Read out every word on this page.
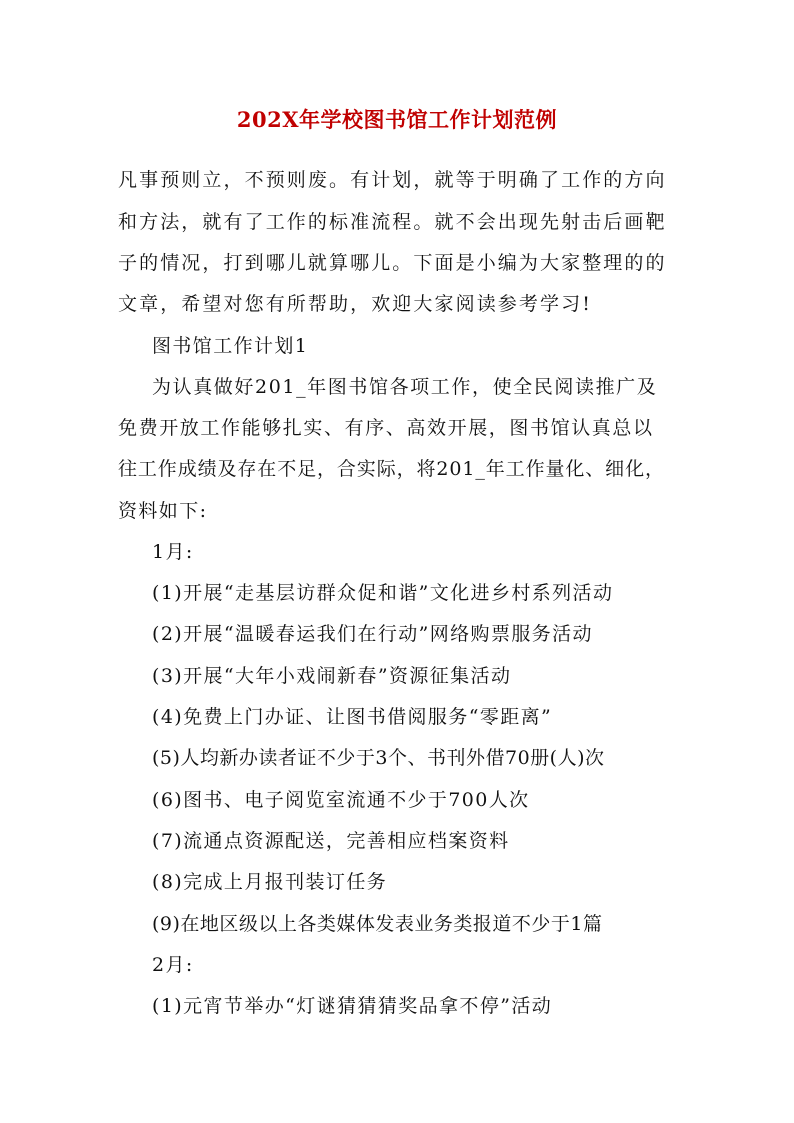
202X年学校图书馆工作计划范例
凡事预则立，不预则废。有计划，就等于明确了工作的方向
和方法，就有了工作的标准流程。就不会出现先射击后画靶
子的情况，打到哪儿就算哪儿。下面是小编为大家整理的的
文章，希望对您有所帮助，欢迎大家阅读参考学习!
图书馆工作计划1
为认真做好201_年图书馆各项工作，使全民阅读推广及
免费开放工作能够扎实、有序、高效开展，图书馆认真总以
往工作成绩及存在不足，合实际，将201_年工作量化、细化，
资料如下:
1月:
(1)开展“走基层访群众促和谐”文化进乡村系列活动
(2)开展“温暖春运我们在行动”网络购票服务活动
(3)开展“大年小戏闹新春”资源征集活动
(4)免费上门办证、让图书借阅服务“零距离”
(5)人均新办读者证不少于3个、书刊外借70册(人)次
(6)图书、电子阅览室流通不少于700人次
(7)流通点资源配送，完善相应档案资料
(8)完成上月报刊装订任务
(9)在地区级以上各类媒体发表业务类报道不少于1篇
2月:
(1)元宵节举办“灯谜猜猜猜奖品拿不停”活动
